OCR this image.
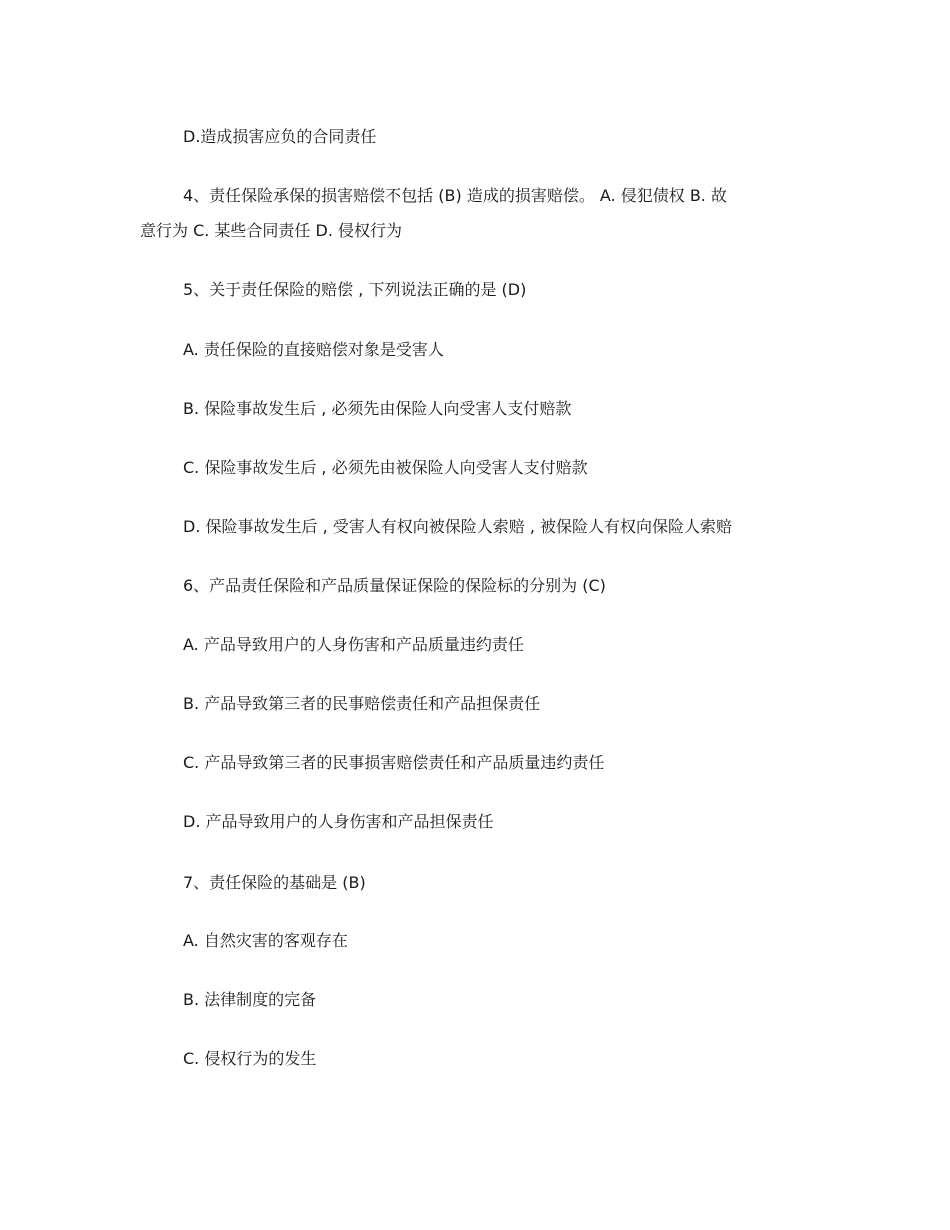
D.造成损害应负的合同责任
4、责任保险承保的损害赔偿不包括 (B) 造成的损害赔偿。 A. 侵犯债权 B. 故
意行为 C. 某些合同责任 D. 侵权行为
5、关于责任保险的赔偿 , 下列说法正确的是 (D)
A. 责任保险的直接赔偿对象是受害人
B. 保险事故发生后 , 必须先由保险人向受害人支付赔款
C. 保险事故发生后 , 必须先由被保险人向受害人支付赔款
D. 保险事故发生后 , 受害人有权向被保险人索赔 , 被保险人有权向保险人索赔
6、产品责任保险和产品质量保证保险的保险标的分别为 (C)
A. 产品导致用户的人身伤害和产品质量违约责任
B. 产品导致第三者的民事赔偿责任和产品担保责任
C. 产品导致第三者的民事损害赔偿责任和产品质量违约责任
D. 产品导致用户的人身伤害和产品担保责任
7、责任保险的基础是 (B)
A. 自然灾害的客观存在
B. 法律制度的完备
C. 侵权行为的发生
